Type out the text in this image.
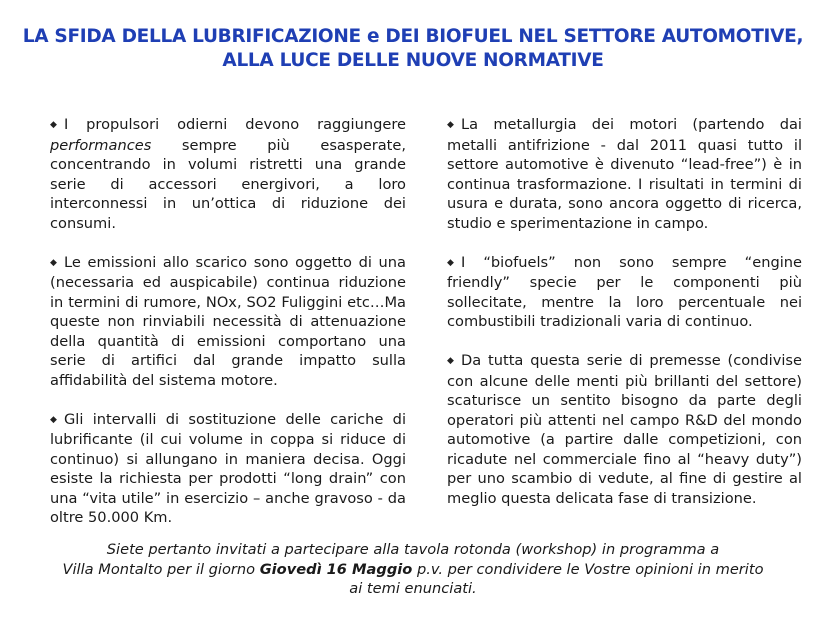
LA SFIDA DELLA LUBRIFICAZIONE e DEI BIOFUEL NEL SETTORE AUTOMOTIVE,
ALLA LUCE DELLE NUOVE NORMATIVE

◆ I propulsori odierni devono raggiungere performances sempre più esasperate, concentrando in volumi ristretti una grande serie di accessori energivori, a loro interconnessi in un’ottica di riduzione dei consumi.

◆ Le emissioni allo scarico sono oggetto di una (necessaria ed auspicabile) continua riduzione in termini di rumore, NOx, SO2 Fuliggini etc…Ma queste non rinviabili necessità di attenuazione della quantità di emissioni comportano una serie di artifici dal grande impatto sulla affidabilità del sistema motore.

◆ Gli intervalli di sostituzione delle cariche di lubrificante (il cui volume in coppa si riduce di continuo) si allungano in maniera decisa. Oggi esiste la richiesta per prodotti “long drain” con una “vita utile” in esercizio – anche gravoso - da oltre 50.000 Km.

◆ La metallurgia dei motori (partendo dai metalli antifrizione - dal 2011 quasi tutto il settore automotive è divenuto “lead-free”) è in continua trasformazione. I risultati in termini di usura e durata, sono ancora oggetto di ricerca, studio e sperimentazione in campo.

◆ I “biofuels” non sono sempre “engine friendly” specie per le componenti più sollecitate, mentre la loro percentuale nei combustibili tradizionali varia di continuo.

◆ Da tutta questa serie di premesse (condivise con alcune delle menti più brillanti del settore) scaturisce un sentito bisogno da parte degli operatori più attenti nel campo R&D del mondo automotive (a partire dalle competizioni, con ricadute nel commerciale fino al “heavy duty”) per uno scambio di vedute, al fine di gestire al meglio questa delicata fase di transizione.

Siete pertanto invitati a partecipare alla tavola rotonda (workshop) in programma a
Villa Montalto per il giorno Giovedì 16 Maggio p.v. per condividere le Vostre opinioni in merito
ai temi enunciati.
